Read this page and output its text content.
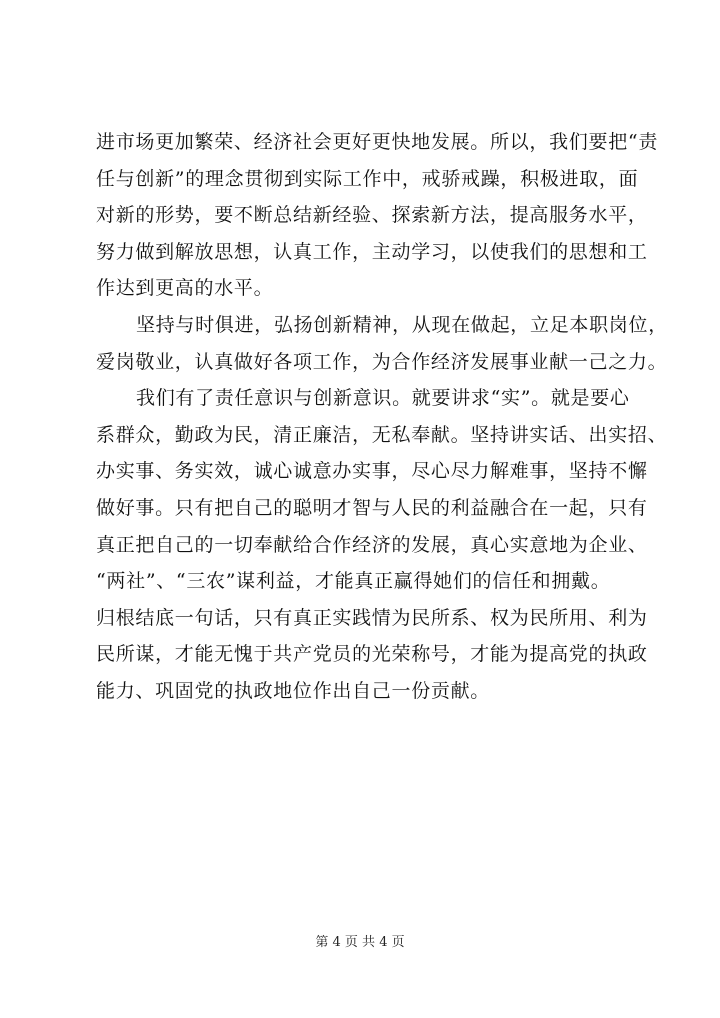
进市场更加繁荣、经济社会更好更快地发展。所以，我们要把“责
任与创新”的理念贯彻到实际工作中，戒骄戒躁，积极进取，面
对新的形势，要不断总结新经验、探索新方法，提高服务水平，
努力做到解放思想，认真工作，主动学习，以使我们的思想和工
作达到更高的水平。
坚持与时俱进，弘扬创新精神，从现在做起，立足本职岗位，
爱岗敬业，认真做好各项工作，为合作经济发展事业献一己之力。
我们有了责任意识与创新意识。就要讲求“实”。就是要心
系群众，勤政为民，清正廉洁，无私奉献。坚持讲实话、出实招、
办实事、务实效，诚心诚意办实事，尽心尽力解难事，坚持不懈
做好事。只有把自己的聪明才智与人民的利益融合在一起，只有
真正把自己的一切奉献给合作经济的发展，真心实意地为企业、
“两社”、“三农”谋利益，才能真正赢得她们的信任和拥戴。
归根结底一句话，只有真正实践情为民所系、权为民所用、利为
民所谋，才能无愧于共产党员的光荣称号，才能为提高党的执政
能力、巩固党的执政地位作出自己一份贡献。
第 4 页 共 4 页
